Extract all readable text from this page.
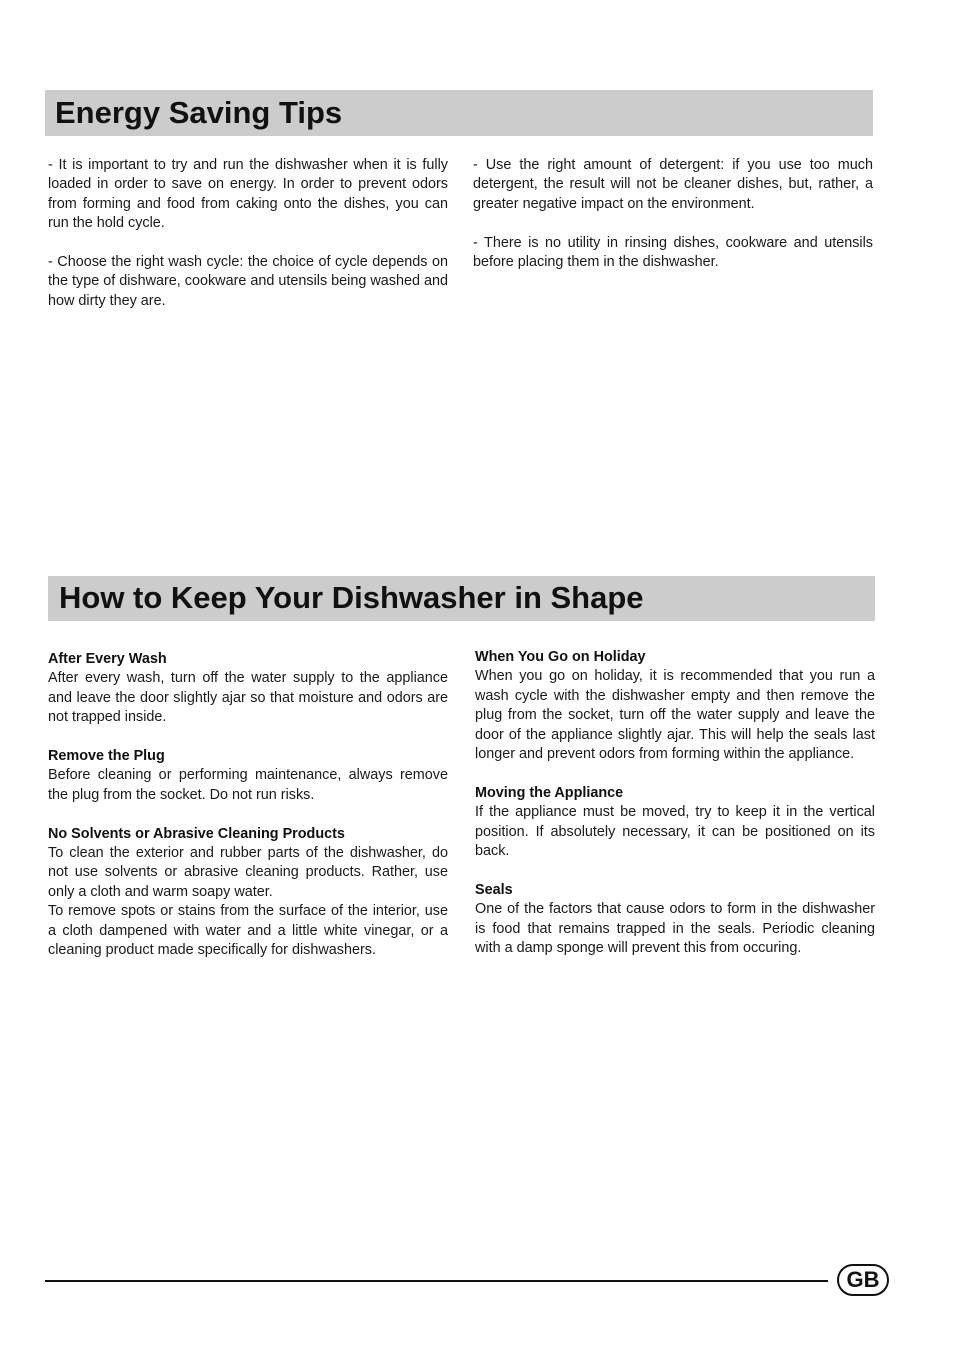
Energy Saving Tips

- It is important to try and run the dishwasher when it is fully loaded in order to save on energy. In order to prevent odors from forming and food from caking onto the dishes, you can run the hold cycle.

- Choose the right wash cycle: the choice of cycle depends on the type of dishware, cookware and utensils being washed and how dirty they are.

- Use the right amount of detergent: if you use too much detergent, the result will not be cleaner dishes, but, rather, a greater negative impact on the environment.

- There is no utility in rinsing dishes, cookware and utensils before placing them in the dishwasher.

How to Keep Your Dishwasher in Shape
After Every Wash

After every wash, turn off the water supply to the appliance and leave the door slightly ajar so that moisture and odors are not trapped inside.

Remove the Plug

Before cleaning or performing maintenance, always remove the plug from the socket. Do not run risks.

No Solvents or Abrasive Cleaning Products

To clean the exterior and rubber parts of the dishwasher, do not use solvents or abrasive cleaning products. Rather, use only a cloth and warm soapy water.

To remove spots or stains from the surface of the interior, use a cloth dampened with water and a little white vinegar, or a cleaning product made specifically for dishwashers.

When You Go on Holiday

When you go on holiday, it is recommended that you run a wash cycle with the dishwasher empty and then remove the plug from the socket, turn off the water supply and leave the door of the appliance slightly ajar. This will help the seals last longer and prevent odors from forming within the appliance.

Moving the Appliance

If the appliance must be moved, try to keep it in the vertical position. If absolutely necessary, it can be positioned on its back.

Seals

One of the factors that cause odors to form in the dishwasher is food that remains trapped in the seals. Periodic cleaning with a damp sponge will prevent this from occuring.

GB
